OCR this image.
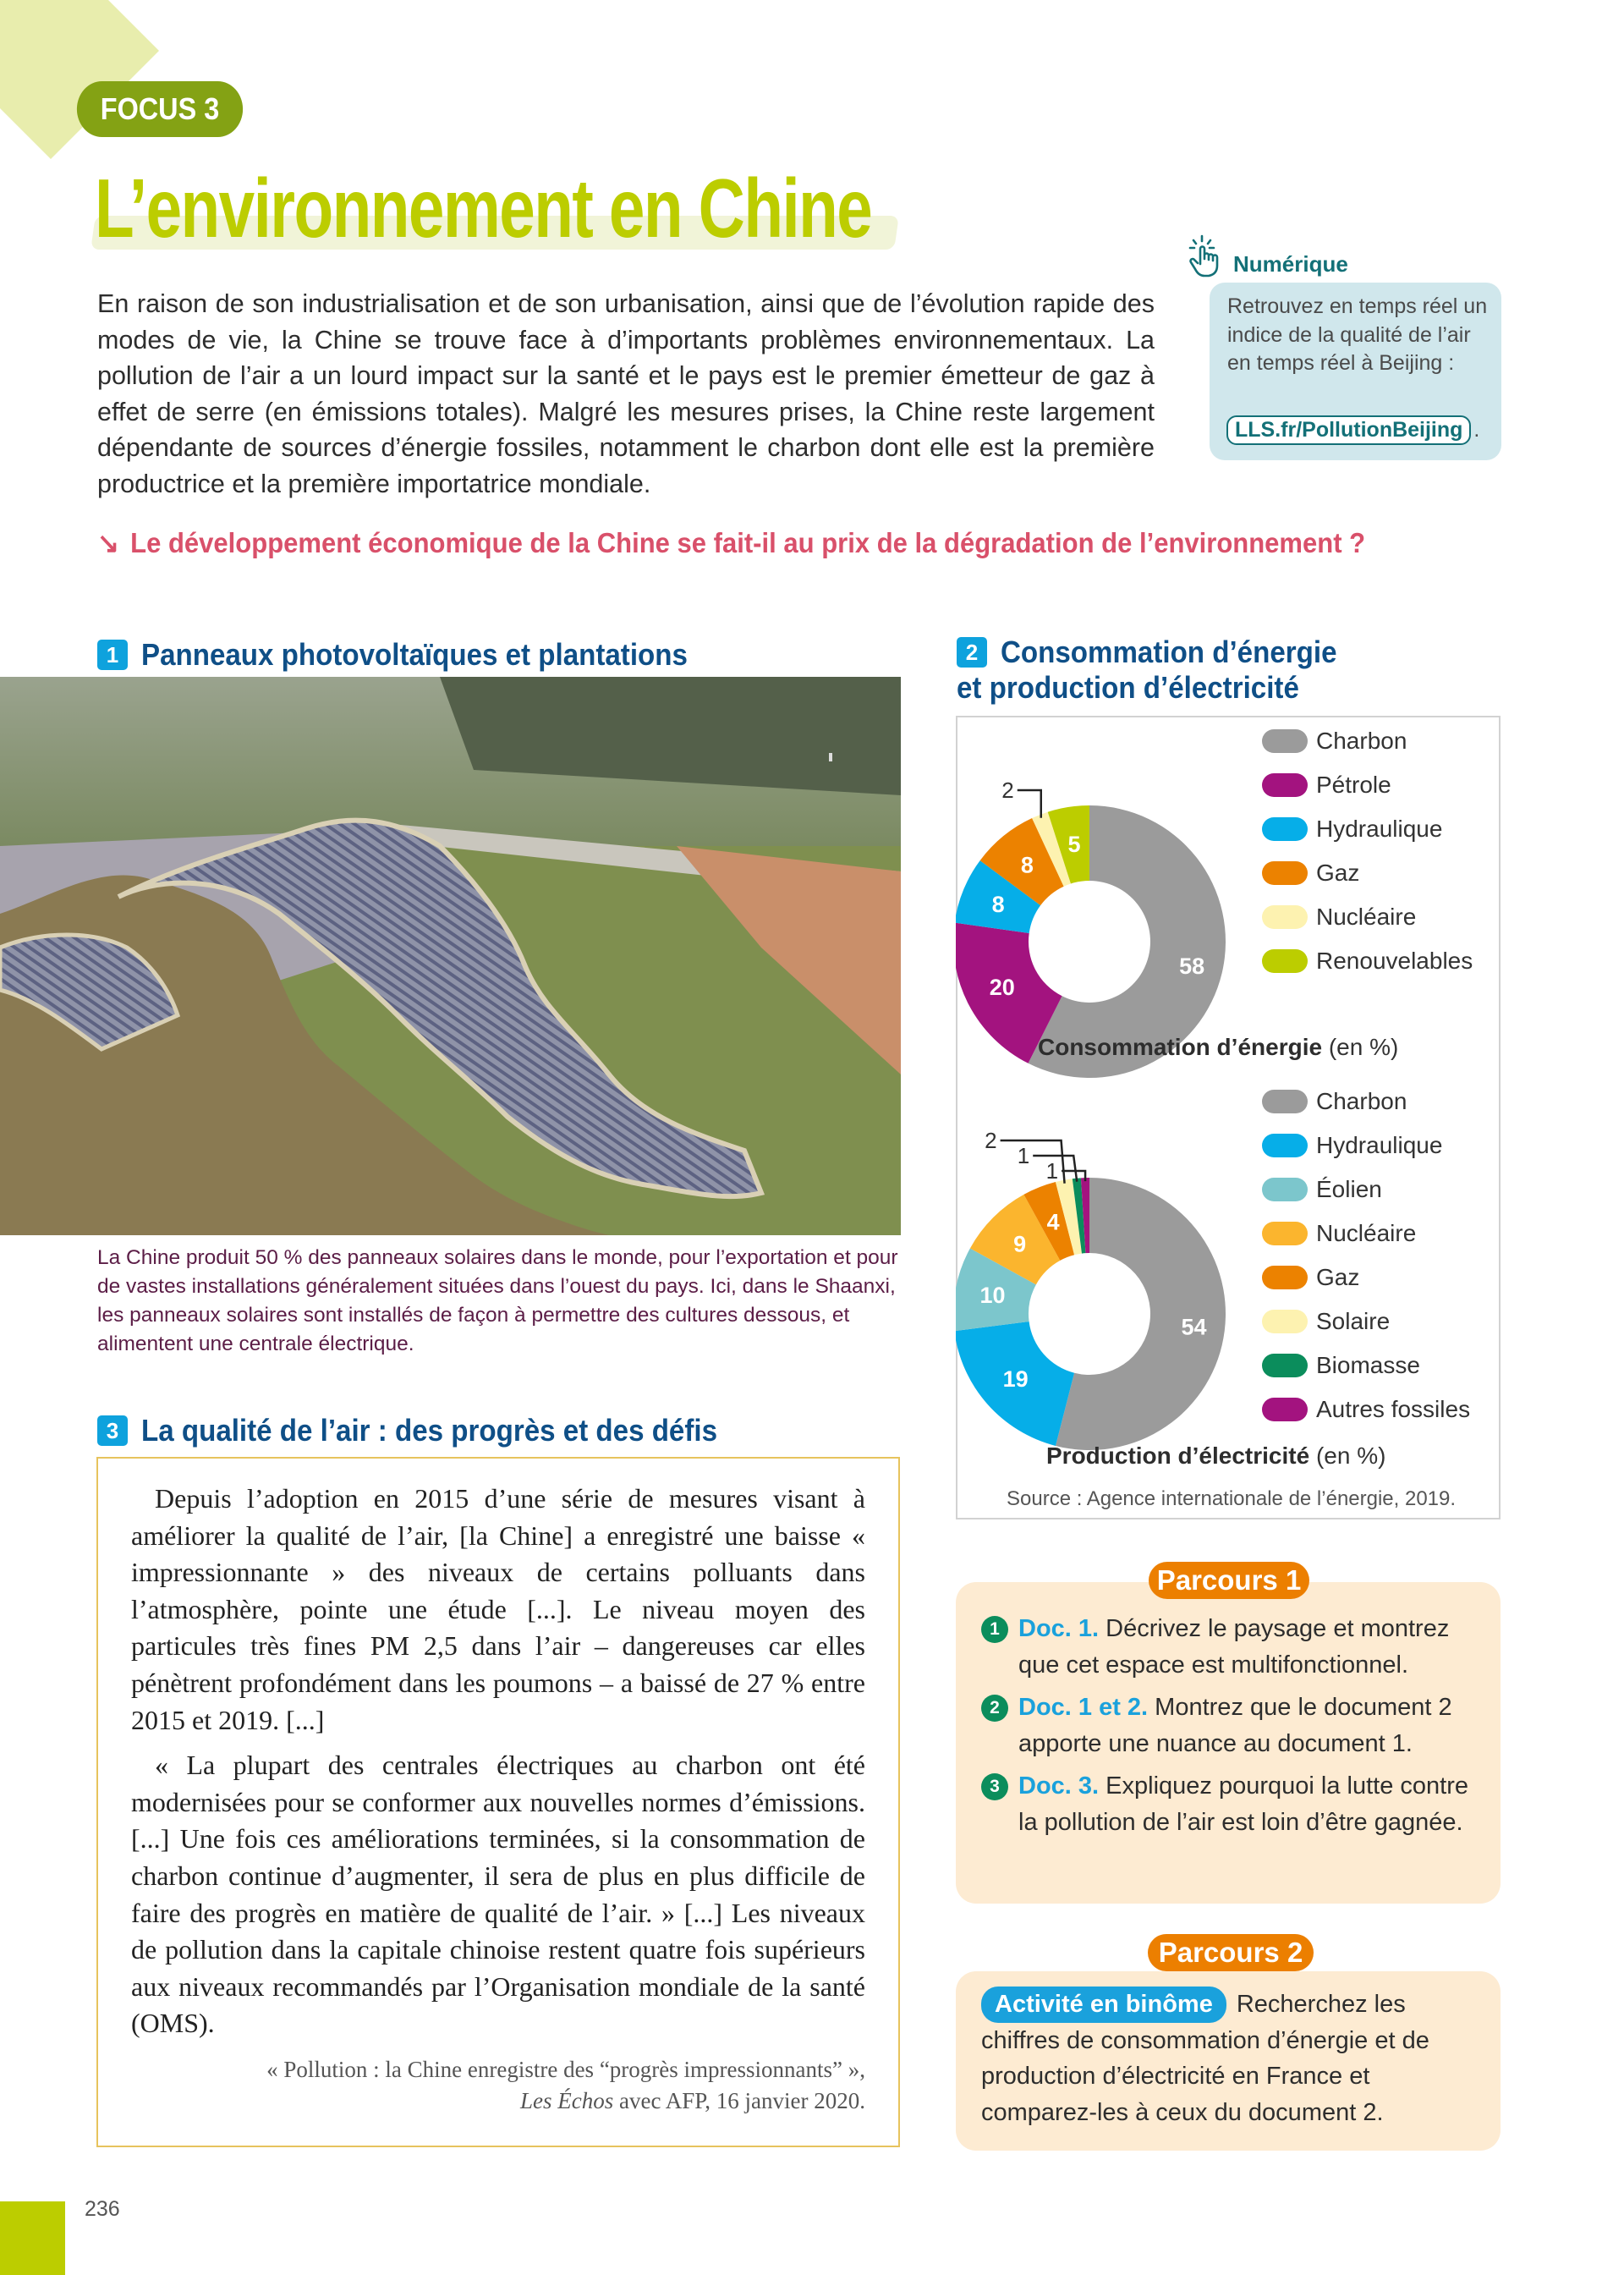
FOCUS 3
L’environnement en Chine
En raison de son industrialisation et de son urbanisation, ainsi que de l’évolution rapide des modes de vie, la Chine se trouve face à d’importants problèmes environnementaux. La pollution de l’air a un lourd impact sur la santé et le pays est le premier émetteur de gaz à effet de serre (en émissions totales). Malgré les mesures prises, la Chine reste largement dépendante de sources d’énergie fossiles, notamment le charbon dont elle est la première productrice et la première importatrice mondiale.
↘ Le développement économique de la Chine se fait-il au prix de la dégradation de l’environnement ?
Numérique
Retrouvez en temps réel un indice de la qualité de l’air en temps réel à Beijing :
LLS.fr/PollutionBeijing .
1 Panneaux photovoltaïques et plantations
La Chine produit 50 % des panneaux solaires dans le monde, pour l’exportation et pour de vastes installations généralement situées dans l’ouest du pays. Ici, dans le Shaanxi, les panneaux solaires sont installés de façon à permettre des cultures dessous, et alimentent une centrale électrique.
3 La qualité de l’air : des progrès et des défis

Depuis l’adoption en 2015 d’une série de mesures visant à améliorer la qualité de l’air, [la Chine] a enregistré une baisse « impressionnante » des niveaux de certains polluants dans l’atmosphère, pointe une étude [...]. Le niveau moyen des particules très fines PM 2,5 dans l’air – dangereuses car elles pénètrent profondément dans les poumons – a baissé de 27 % entre 2015 et 2019. [...]

« La plupart des centrales électriques au charbon ont été modernisées pour se conformer aux nouvelles normes d’émissions. [...] Une fois ces améliorations terminées, si la consommation de charbon continue d’augmenter, il sera de plus en plus difficile de faire des progrès en matière de qualité de l’air. » [...] Les niveaux de pollution dans la capitale chinoise restent quatre fois supérieurs aux niveaux recommandés par l’Organisation mondiale de la santé (OMS).

« Pollution : la Chine enregistre des “progrès impressionnants” »,
Les Échos avec AFP, 16 janvier 2020.
2 Consommation d’énergie
et production d’électricité
58
20
8
8
5
2
54
19
10
9
4
1
1
2
Charbon
Pétrole
Hydraulique
Gaz
Nucléaire
Renouvelables
Charbon
Hydraulique
Éolien
Nucléaire
Gaz
Solaire
Biomasse
Autres fossiles
Consommation d’énergie (en %)
Production d’électricité (en %)
Source : Agence internationale de l’énergie, 2019.
Parcours 1
1 Doc. 1. Décrivez le paysage et montrez que cet espace est multifonctionnel.
2 Doc. 1 et 2. Montrez que le document 2 apporte une nuance au document 1.
3 Doc. 3. Expliquez pourquoi la lutte contre la pollution de l’air est loin d’être gagnée.
Parcours 2
Activité en binôme Recherchez les chiffres de consommation d’énergie et de production d’électricité en France et comparez-les à ceux du document 2.
236
